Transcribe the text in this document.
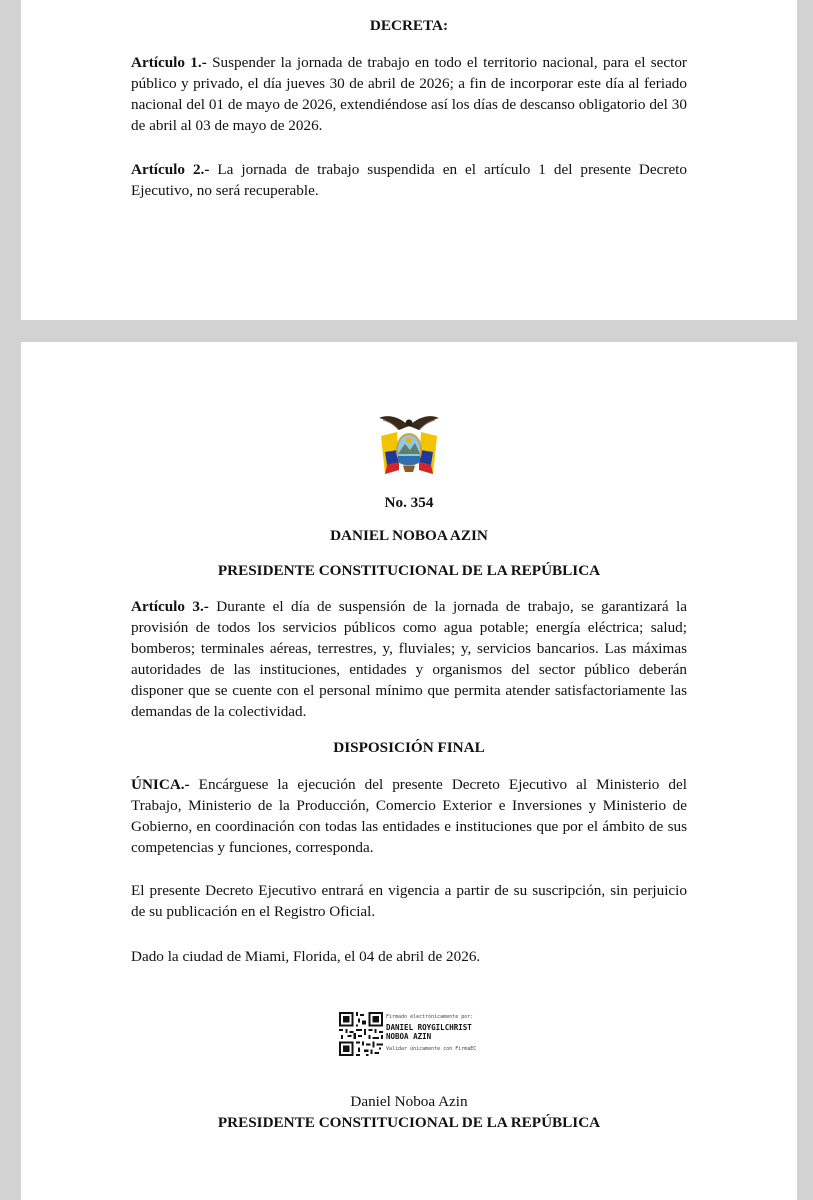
DECRETA:
Artículo 1.- Suspender la jornada de trabajo en todo el territorio nacional, para el sector público y privado, el día jueves 30 de abril de 2026; a fin de incorporar este día al feriado nacional del 01 de mayo de 2026, extendiéndose así los días de descanso obligatorio del 30 de abril al 03 de mayo de 2026.
Artículo 2.- La jornada de trabajo suspendida en el artículo 1 del presente Decreto Ejecutivo, no será recuperable.
No. 354
DANIEL NOBOA AZIN
PRESIDENTE CONSTITUCIONAL DE LA REPÚBLICA
Artículo 3.- Durante el día de suspensión de la jornada de trabajo, se garantizará la provisión de todos los servicios públicos como agua potable; energía eléctrica; salud; bomberos; terminales aéreas, terrestres, y, fluviales; y, servicios bancarios. Las máximas autoridades de las instituciones, entidades y organismos del sector público deberán disponer que se cuente con el personal mínimo que permita atender satisfactoriamente las demandas de la colectividad.
DISPOSICIÓN FINAL
ÚNICA.- Encárguese la ejecución del presente Decreto Ejecutivo al Ministerio del Trabajo, Ministerio de la Producción, Comercio Exterior e Inversiones y Ministerio de Gobierno, en coordinación con todas las entidades e instituciones que por el ámbito de sus competencias y funciones, corresponda.
El presente Decreto Ejecutivo entrará en vigencia a partir de su suscripción, sin perjuicio de su publicación en el Registro Oficial.
Dado la ciudad de Miami, Florida, el 04 de abril de 2026.
Firmado electrónicamente por:
DANIEL ROYGILCHRIST
NOBOA AZIN
Validar únicamente con FirmaEC
Daniel Noboa Azin
PRESIDENTE CONSTITUCIONAL DE LA REPÚBLICA
